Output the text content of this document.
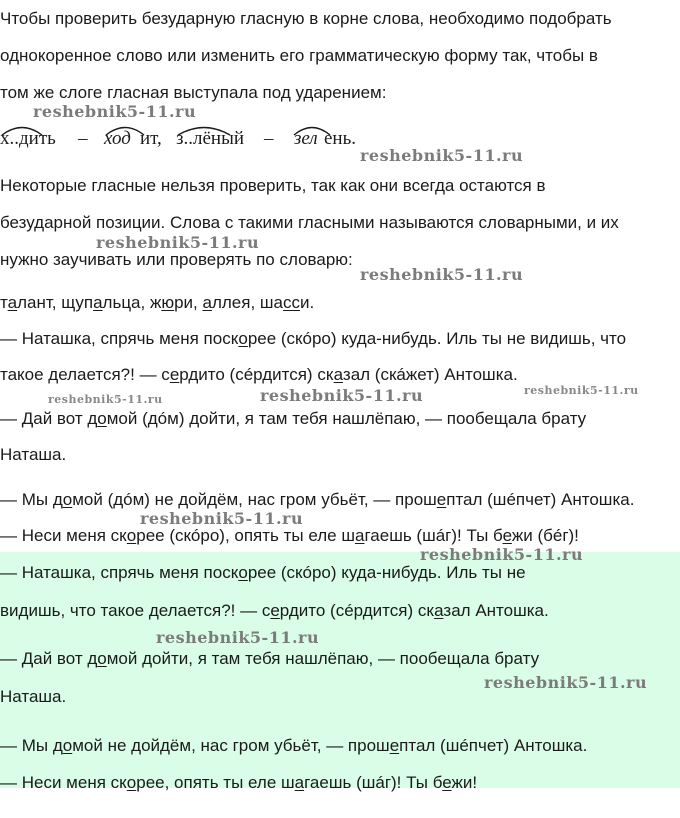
Чтобы проверить безударную гласную в корне слова, необходимо подобрать

однокоренное слово или изменить его грамматическую форму так, чтобы в

том же слоге гласная выступала под ударением:

х..дить – ход ит, з..лёный – зел ень.

Некоторые гласные нельзя проверить, так как они всегда остаются в

безударной позиции. Слова с такими гласными называются словарными, и их

нужно заучивать или проверять по словарю:

талант, щупальца, жюри, аллея, шасси.

— Наташка, спрячь меня поскорее (скóро) куда-нибудь. Иль ты не видишь, что

такое делается?! — сердито (сéрдится) сказал (скáжет) Антошка.

— Дай вот домой (дóм) дойти, я там тебя нашлёпаю, — пообещала брату

Наташа.

— Мы домой (дóм) не дойдём, нас гром убьёт, — прошептал (шéпчет) Антошка.

— Неси меня скорее (скóро), опять ты еле шагаешь (шáг)! Ты бежи (бéг)!

— Наташка, спрячь меня поскорее (скóро) куда-нибудь. Иль ты не

видишь, что такое делается?! — сердито (сéрдится) сказал Антошка.

— Дай вот домой дойти, я там тебя нашлёпаю, — пообещала брату

Наташа.

— Мы домой не дойдём, нас гром убьёт, — прошептал (шéпчет) Антошка.

— Неси меня скорее, опять ты еле шагаешь (шáг)! Ты бежи!

reshebnik5-11.ru
reshebnik5-11.ru
reshebnik5-11.ru
reshebnik5-11.ru
reshebnik5-11.ru	reshebnik5-11.ru	reshebnik5-11.ru
reshebnik5-11.ru
reshebnik5-11.ru
reshebnik5-11.ru
reshebnik5-11.ru
